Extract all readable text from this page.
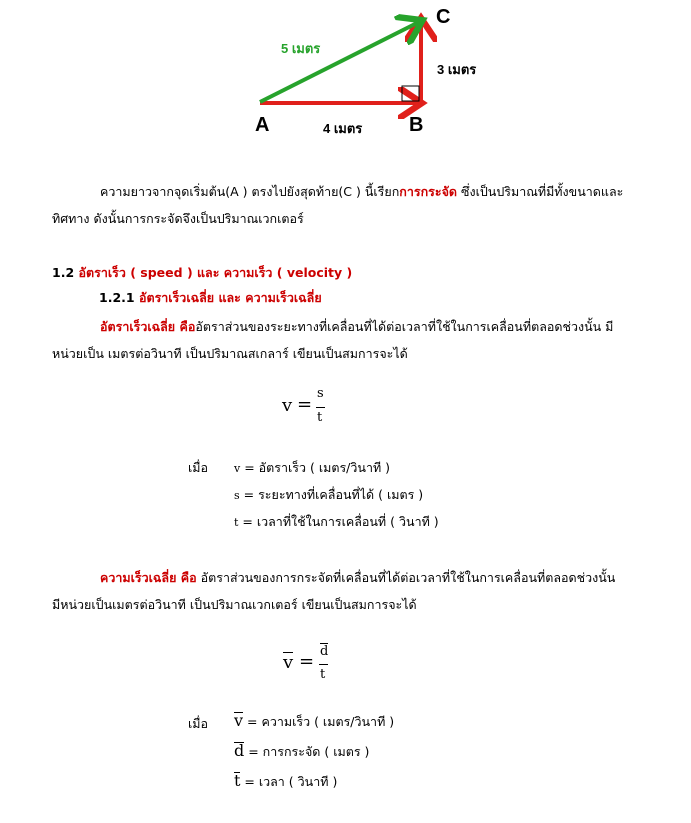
A	B
C
5 เมตร
4 เมตร
3 เมตร
ความยาวจากจุดเริ่มต้น(A ) ตรงไปยังสุดท้าย(C ) นี้เรียกการกระจัด ซึ่งเป็นปริมาณที่มีทั้งขนาดและ
ทิศทาง ดังนั้นการกระจัดจึงเป็นปริมาณเวกเตอร์
1.2 อัตราเร็ว ( speed ) และ ความเร็ว ( velocity )
1.2.1 อัตราเร็วเฉลี่ย และ ความเร็วเฉลี่ย
อัตราเร็วเฉลี่ย คืออัตราส่วนของระยะทางที่เคลื่อนที่ได้ต่อเวลาที่ใช้ในการเคลื่อนที่ตลอดช่วงนั้น มี
หน่วยเป็น เมตรต่อวินาที เป็นปริมาณสเกลาร์ เขียนเป็นสมการจะได้
v =
s
t
เมื่อ v = อัตราเร็ว ( เมตร/วินาที )
s = ระยะทางที่เคลื่อนที่ได้ ( เมตร )
t = เวลาที่ใช้ในการเคลื่อนที่ ( วินาที )
ความเร็วเฉลี่ย คือ อัตราส่วนของการกระจัดที่เคลื่อนที่ได้ต่อเวลาที่ใช้ในการเคลื่อนที่ตลอดช่วงนั้น
มีหน่วยเป็นเมตรต่อวินาที เป็นปริมาณเวกเตอร์ เขียนเป็นสมการจะได้
v = d
t
เมื่อ v = ความเร็ว ( เมตร/วินาที )
d = การกระจัด ( เมตร )
t = เวลา ( วินาที )
